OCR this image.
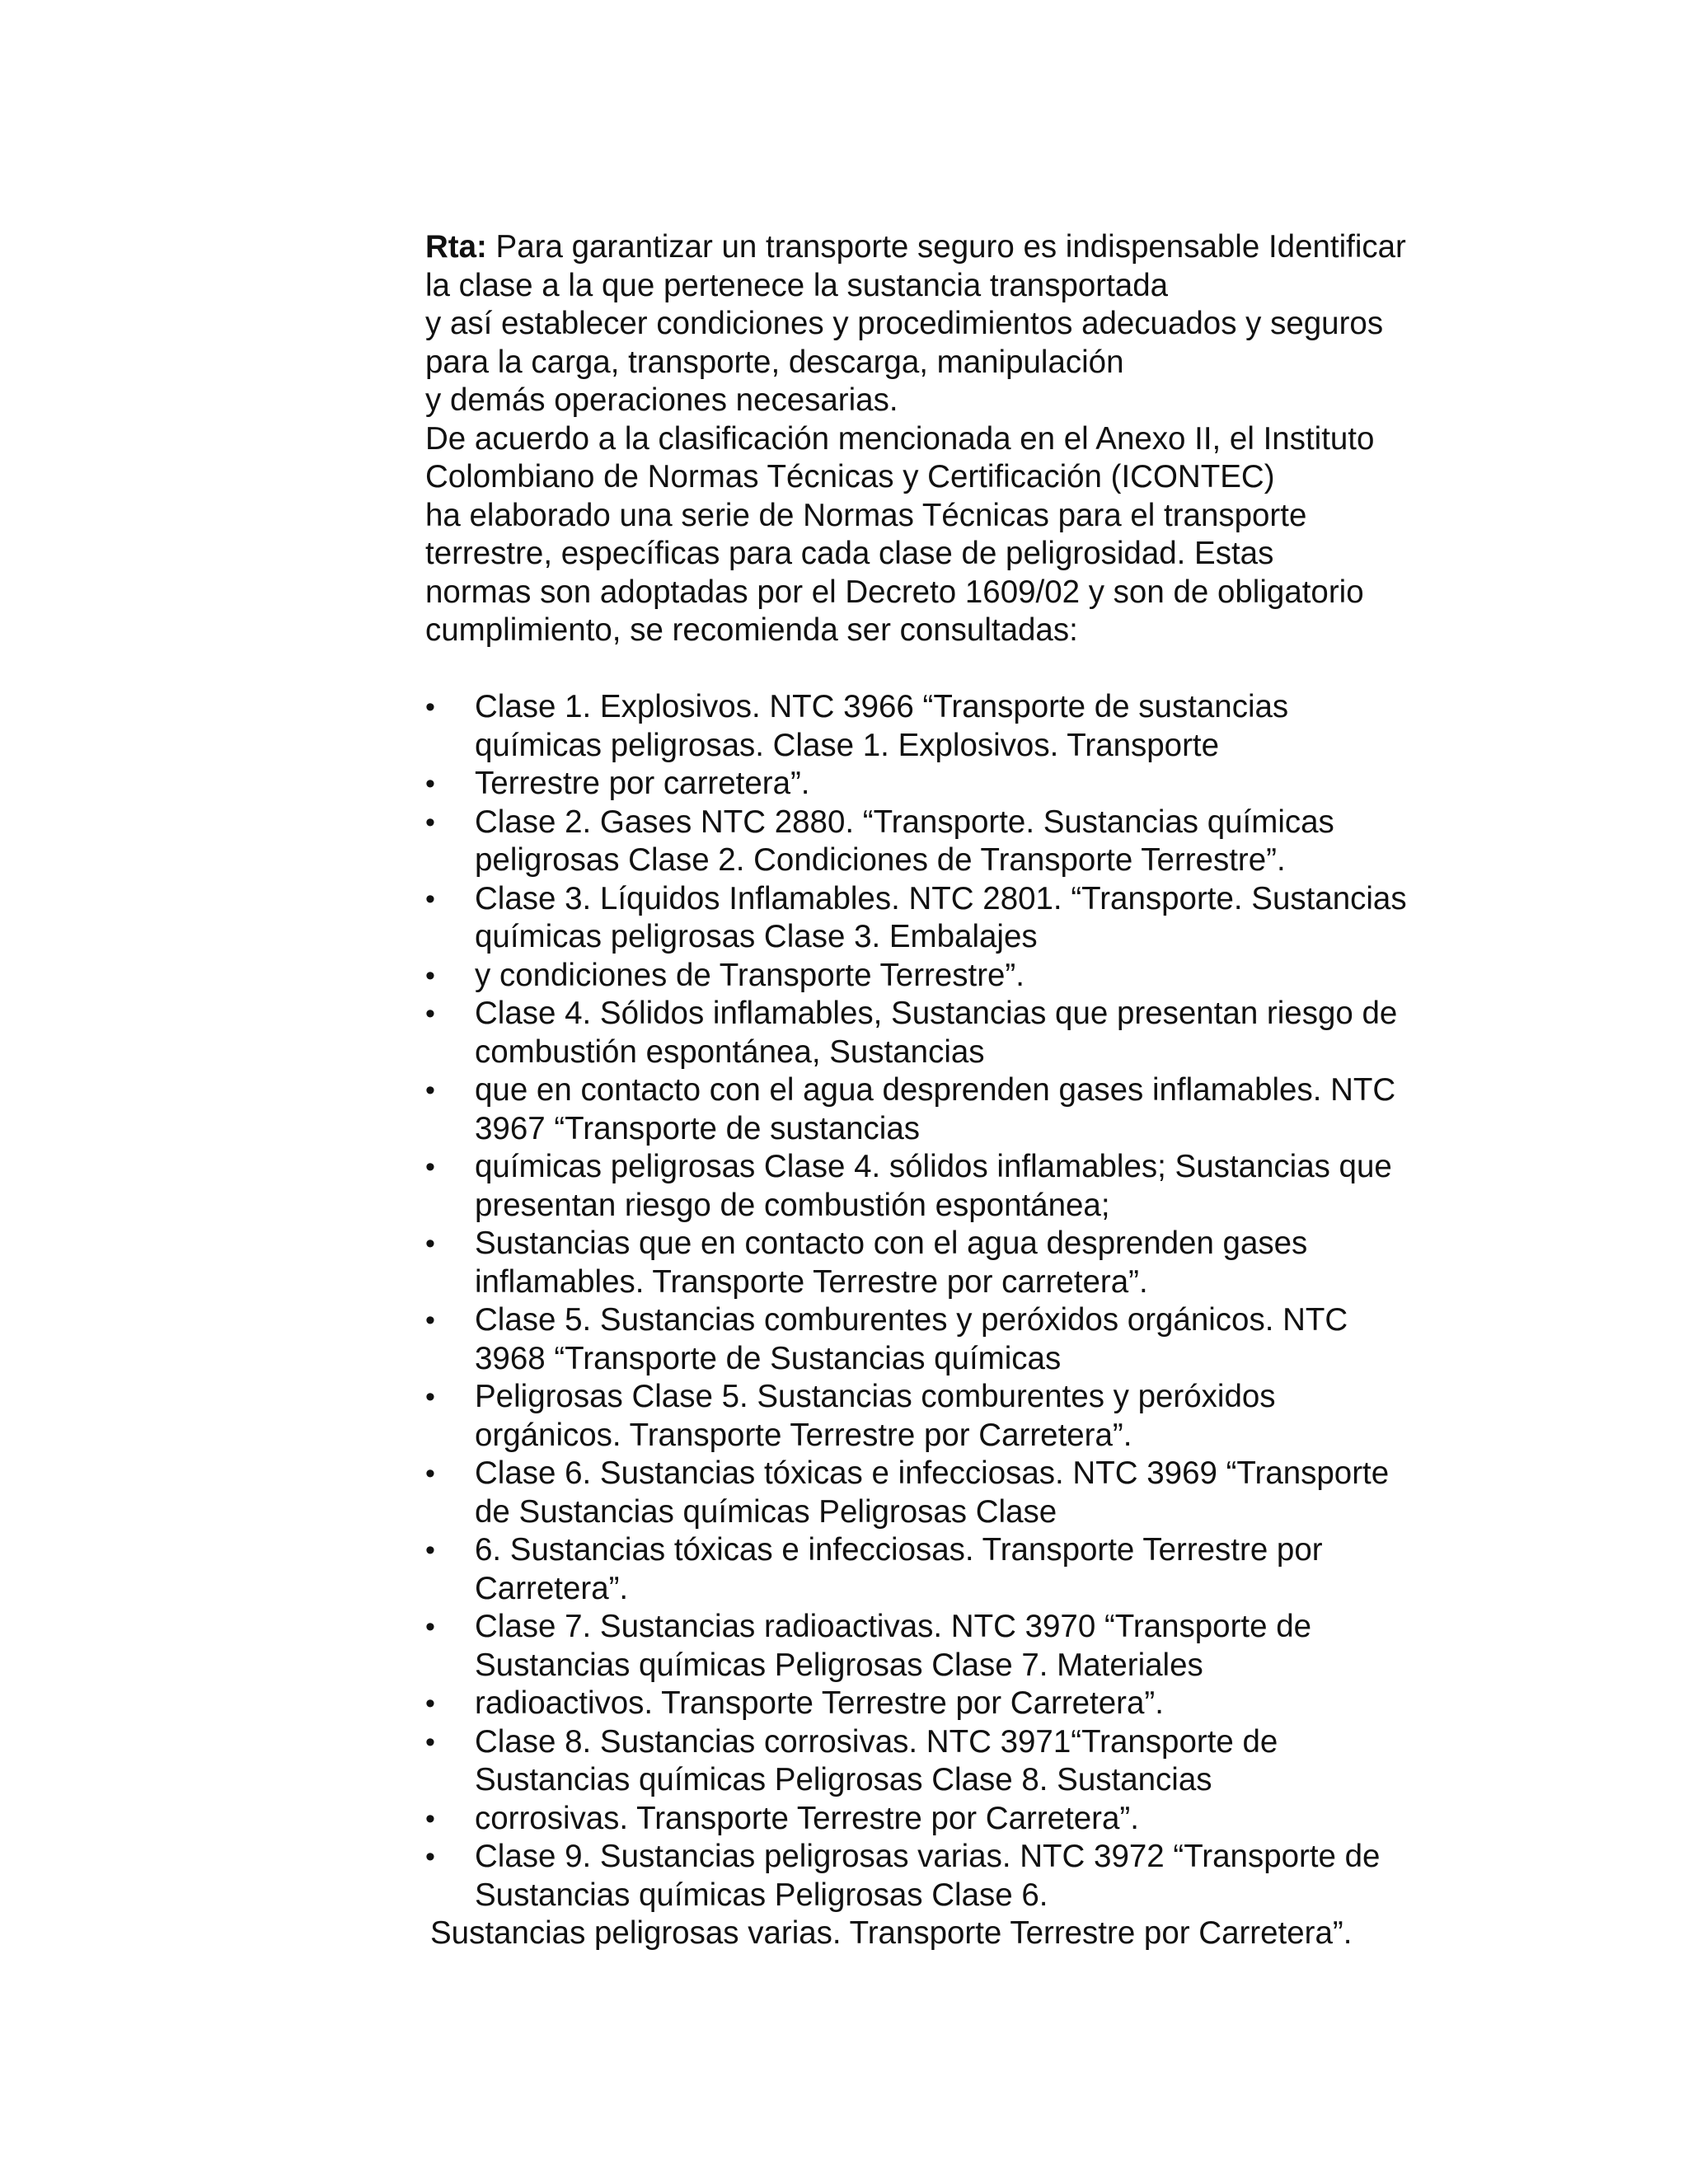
Rta: Para garantizar un transporte seguro es indispensable Identificar
la clase a la que pertenece la sustancia transportada
y así establecer condiciones y procedimientos adecuados y seguros
para la carga, transporte, descarga, manipulación
y demás operaciones necesarias.
De acuerdo a la clasificación mencionada en el Anexo II, el Instituto
Colombiano de Normas Técnicas y Certificación (ICONTEC)
ha elaborado una serie de Normas Técnicas para el transporte
terrestre, específicas para cada clase de peligrosidad. Estas
normas son adoptadas por el Decreto 1609/02 y son de obligatorio
cumplimiento, se recomienda ser consultadas:
• Clase 1. Explosivos. NTC 3966 “Transporte de sustancias
químicas peligrosas. Clase 1. Explosivos. Transporte
• Terrestre por carretera”.
• Clase 2. Gases NTC 2880. “Transporte. Sustancias químicas
peligrosas Clase 2. Condiciones de Transporte Terrestre”.
• Clase 3. Líquidos Inflamables. NTC 2801. “Transporte. Sustancias
químicas peligrosas Clase 3. Embalajes
• y condiciones de Transporte Terrestre”.
• Clase 4. Sólidos inflamables, Sustancias que presentan riesgo de
combustión espontánea, Sustancias
• que en contacto con el agua desprenden gases inflamables. NTC
3967 “Transporte de sustancias
• químicas peligrosas Clase 4. sólidos inflamables; Sustancias que
presentan riesgo de combustión espontánea;
• Sustancias que en contacto con el agua desprenden gases
inflamables. Transporte Terrestre por carretera”.
• Clase 5. Sustancias comburentes y peróxidos orgánicos. NTC
3968 “Transporte de Sustancias químicas
• Peligrosas Clase 5. Sustancias comburentes y peróxidos
orgánicos. Transporte Terrestre por Carretera”.
• Clase 6. Sustancias tóxicas e infecciosas. NTC 3969 “Transporte
de Sustancias químicas Peligrosas Clase
• 6. Sustancias tóxicas e infecciosas. Transporte Terrestre por
Carretera”.
• Clase 7. Sustancias radioactivas. NTC 3970 “Transporte de
Sustancias químicas Peligrosas Clase 7. Materiales
• radioactivos. Transporte Terrestre por Carretera”.
• Clase 8. Sustancias corrosivas. NTC 3971“Transporte de
Sustancias químicas Peligrosas Clase 8. Sustancias
• corrosivas. Transporte Terrestre por Carretera”.
• Clase 9. Sustancias peligrosas varias. NTC 3972 “Transporte de
Sustancias químicas Peligrosas Clase 6.
Sustancias peligrosas varias. Transporte Terrestre por Carretera”.
